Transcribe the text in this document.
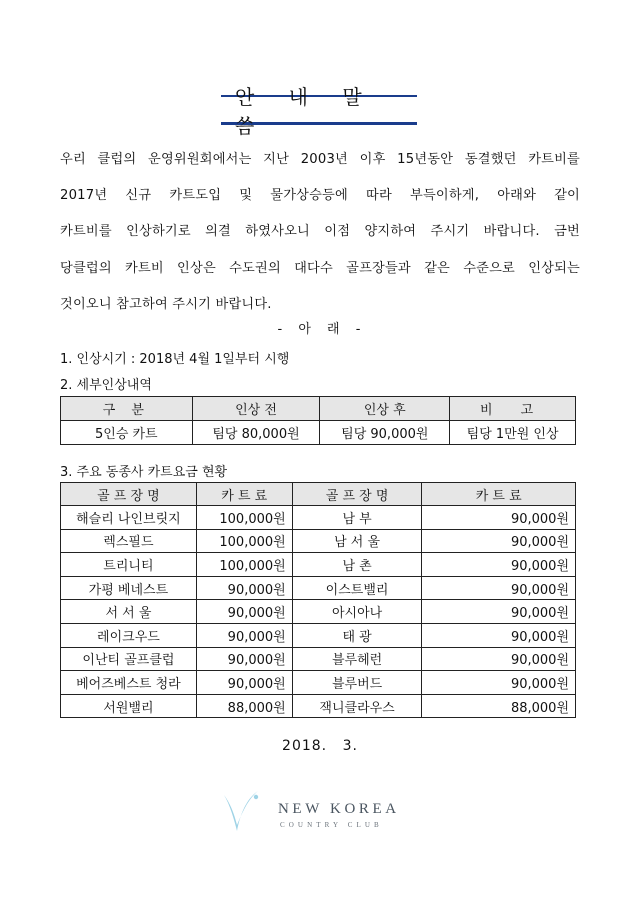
안 내 말 씀
우리 클럽의 운영위원회에서는 지난 2003년 이후 15년동안 동결했던 카트비를
2017년 신규 카트도입 및 물가상승등에 따라 부득이하게, 아래와 같이
카트비를 인상하기로 의결 하였사오니 이점 양지하여 주시기 바랍니다. 금번
당클럽의 카트비 인상은 수도권의 대다수 골프장들과 같은 수준으로 인상되는
것이오니 참고하여 주시기 바랍니다.
- 아 래 -
1. 인상시기 : 2018년 4월 1일부터 시행
2. 세부인상내역
구 분	인상 전	인상 후	비 고
5인승 카트	팀당 80,000원	팀당 90,000원	팀당 1만원 인상
3. 주요 동종사 카트요금 현황
골 프 장 명	카 트 료	골 프 장 명	카 트 료
해슬리 나인브릿지	100,000원	남 부	90,000원
렉스필드	100,000원	남 서 울	90,000원
트리니티	100,000원	남 촌	90,000원
가평 베네스트	90,000원	이스트밸리	90,000원
서 서 울	90,000원	아시아나	90,000원
레이크우드	90,000원	태 광	90,000원
이난티 골프클럽	90,000원	블루헤런	90,000원
베어즈베스트 청라	90,000원	블루버드	90,000원
서원밸리	88,000원	잭니클라우스	88,000원
2018. 3.
NEW KOREA
COUNTRY CLUB
